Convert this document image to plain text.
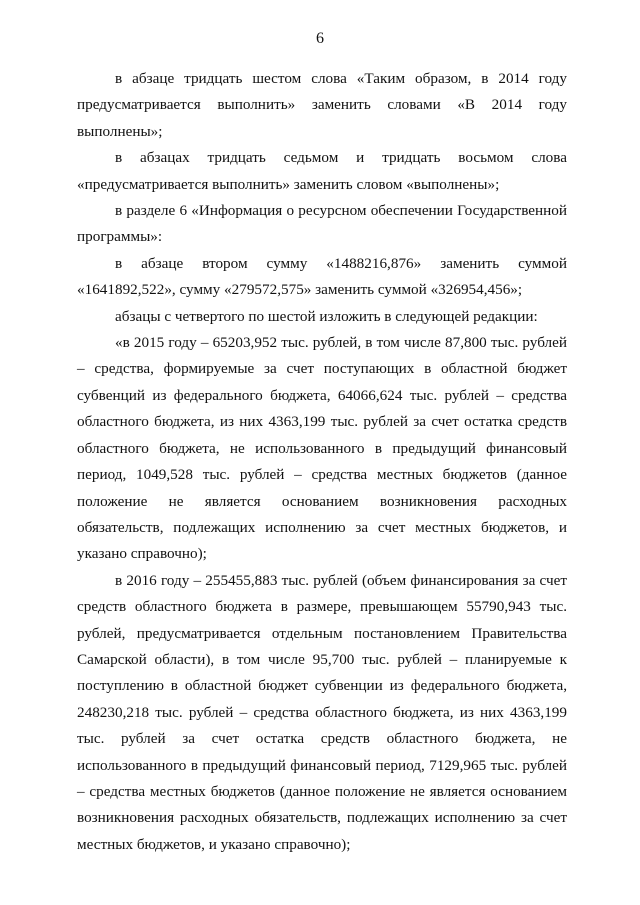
6

в абзаце тридцать шестом слова «Таким образом, в 2014 году предусматривается выполнить» заменить словами «В 2014 году выполнены»;

в абзацах тридцать седьмом и тридцать восьмом слова «предусматривается выполнить» заменить словом «выполнены»;

в разделе 6 «Информация о ресурсном обеспечении Государственной программы»:

в абзаце втором сумму «1488216,876» заменить суммой «1641892,522», сумму «279572,575» заменить суммой «326954,456»;

абзацы с четвертого по шестой изложить в следующей редакции:

«в 2015 году – 65203,952 тыс. рублей, в том числе 87,800 тыс. рублей – средства, формируемые за счет поступающих в областной бюджет субвенций из федерального бюджета, 64066,624 тыс. рублей – средства областного бюджета, из них 4363,199 тыс. рублей за счет остатка средств областного бюджета, не использованного в предыдущий финансовый период, 1049,528 тыс. рублей – средства местных бюджетов (данное положение не является основанием возникновения расходных обязательств, подлежащих исполнению за счет местных бюджетов, и указано справочно);

в 2016 году – 255455,883 тыс. рублей (объем финансирования за счет средств областного бюджета в размере, превышающем 55790,943 тыс. рублей, предусматривается отдельным постановлением Правительства Самарской области), в том числе 95,700 тыс. рублей – планируемые к поступлению в областной бюджет субвенции из федерального бюджета, 248230,218 тыс. рублей – средства областного бюджета, из них 4363,199 тыс. рублей за счет остатка средств областного бюджета, не использованного в предыдущий финансовый период, 7129,965 тыс. рублей – средства местных бюджетов (данное положение не является основанием возникновения расходных обязательств, подлежащих исполнению за счет местных бюджетов, и указано справочно);
